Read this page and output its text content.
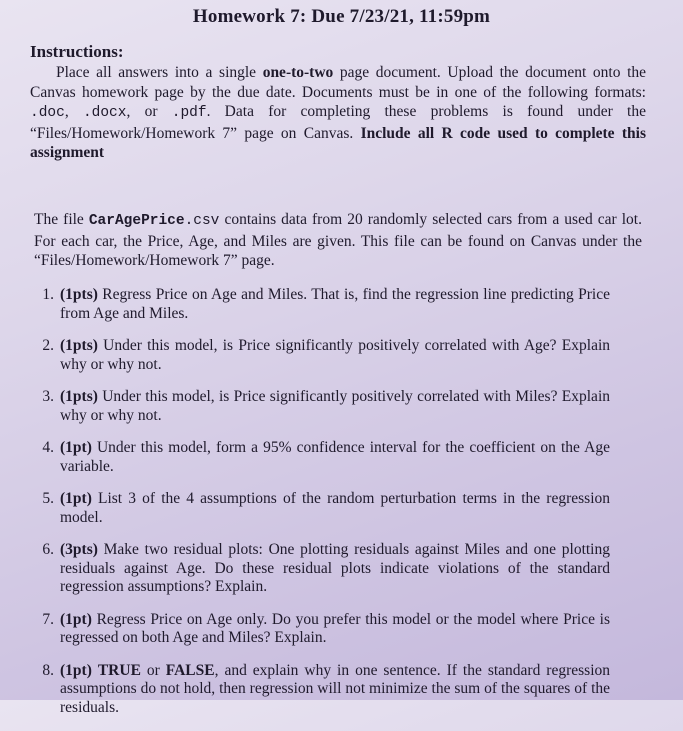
Homework 7: Due 7/23/21, 11:59pm
Instructions:

Place all answers into a single one-to-two page document. Upload the document onto the Canvas homework page by the due date. Documents must be in one of the following formats: .doc, .docx, or .pdf. Data for completing these problems is found under the “Files/Homework/Homework 7” page on Canvas. Include all R code used to complete this assignment

The file CarAgePrice.csv contains data from 20 randomly selected cars from a used car lot. For each car, the Price, Age, and Miles are given. This file can be found on Canvas under the “Files/Homework/Homework 7” page.

1. (1pts) Regress Price on Age and Miles. That is, find the regression line predicting Price from Age and Miles.
2. (1pts) Under this model, is Price significantly positively correlated with Age? Explain why or why not.
3. (1pts) Under this model, is Price significantly positively correlated with Miles? Explain why or why not.
4. (1pt) Under this model, form a 95% confidence interval for the coefficient on the Age variable.
5. (1pt) List 3 of the 4 assumptions of the random perturbation terms in the regression model.
6. (3pts) Make two residual plots: One plotting residuals against Miles and one plotting residuals against Age. Do these residual plots indicate violations of the standard regression assumptions? Explain.
7. (1pt) Regress Price on Age only. Do you prefer this model or the model where Price is regressed on both Age and Miles? Explain.
8. (1pt) TRUE or FALSE, and explain why in one sentence. If the standard regression assumptions do not hold, then regression will not minimize the sum of the squares of the residuals.
